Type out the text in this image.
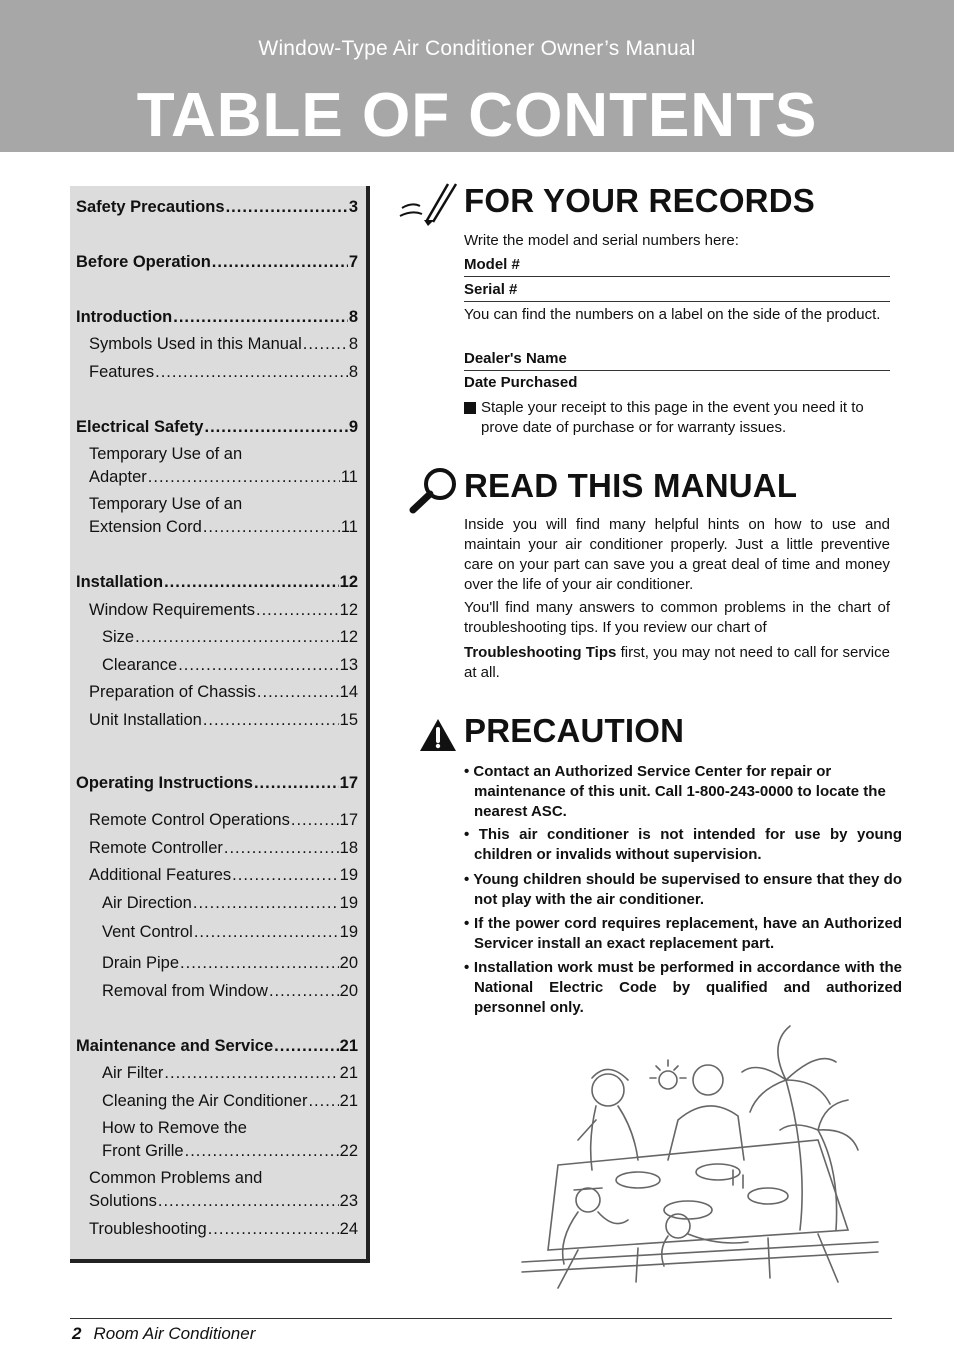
Window-Type Air Conditioner Owner’s Manual
TABLE OF CONTENTS
Safety Precautions .....	3
Before Operation .....	7
Introduction .....	8
Symbols Used in this Manual .....	8
Features .....	8
Electrical Safety .....	9
Temporary Use of an
Adapter .....	11
Temporary Use of an
Extension Cord .....	11
Installation .....	12
Window Requirements .....	12
Size .....	12
Clearance .....	13
Preparation of Chassis .....	14
Unit Installation .....	15
Operating Instructions .....	17
Remote Control Operations .....	17
Remote Controller .....	18
Additional Features .....	19
Air Direction .....	19
Vent Control .....	19
Drain Pipe .....	20
Removal from Window .....	20
Maintenance and Service .....	21
Air Filter .....	21
Cleaning the Air Conditioner ..... 21
How to Remove the
Front Grille .....	22
Common Problems and
Solutions .....	23
Troubleshooting .....	24
FOR YOUR RECORDS
Write the model and serial numbers here:
Model #
Serial #
You can find the numbers on a label on the side of the product.
Dealer's Name
Date Purchased
Staple your receipt to this page in the event you need it to prove date of purchase or for warranty issues.
READ THIS MANUAL
Inside you will find many helpful hints on how to use and maintain your air conditioner properly. Just a little preventive care on your part can save you a great deal of time and money over the life of your air conditioner.
You'll find many answers to common problems in the chart of troubleshooting tips. If you review our chart of
Troubleshooting Tips first, you may not need to call for service at all.
PRECAUTION
• Contact an Authorized Service Center for repair or maintenance of this unit. Call 1-800-243-0000 to locate the nearest ASC.
• This air conditioner is not intended for use by young children or invalids without supervision.
• Young children should be supervised to ensure that they do not play with the air conditioner.
• If the power cord requires replacement, have an Authorized Servicer install an exact replacement part.
• Installation work must be performed in accordance with the National Electric Code by qualified and authorized personnel only.
2 Room Air Conditioner
